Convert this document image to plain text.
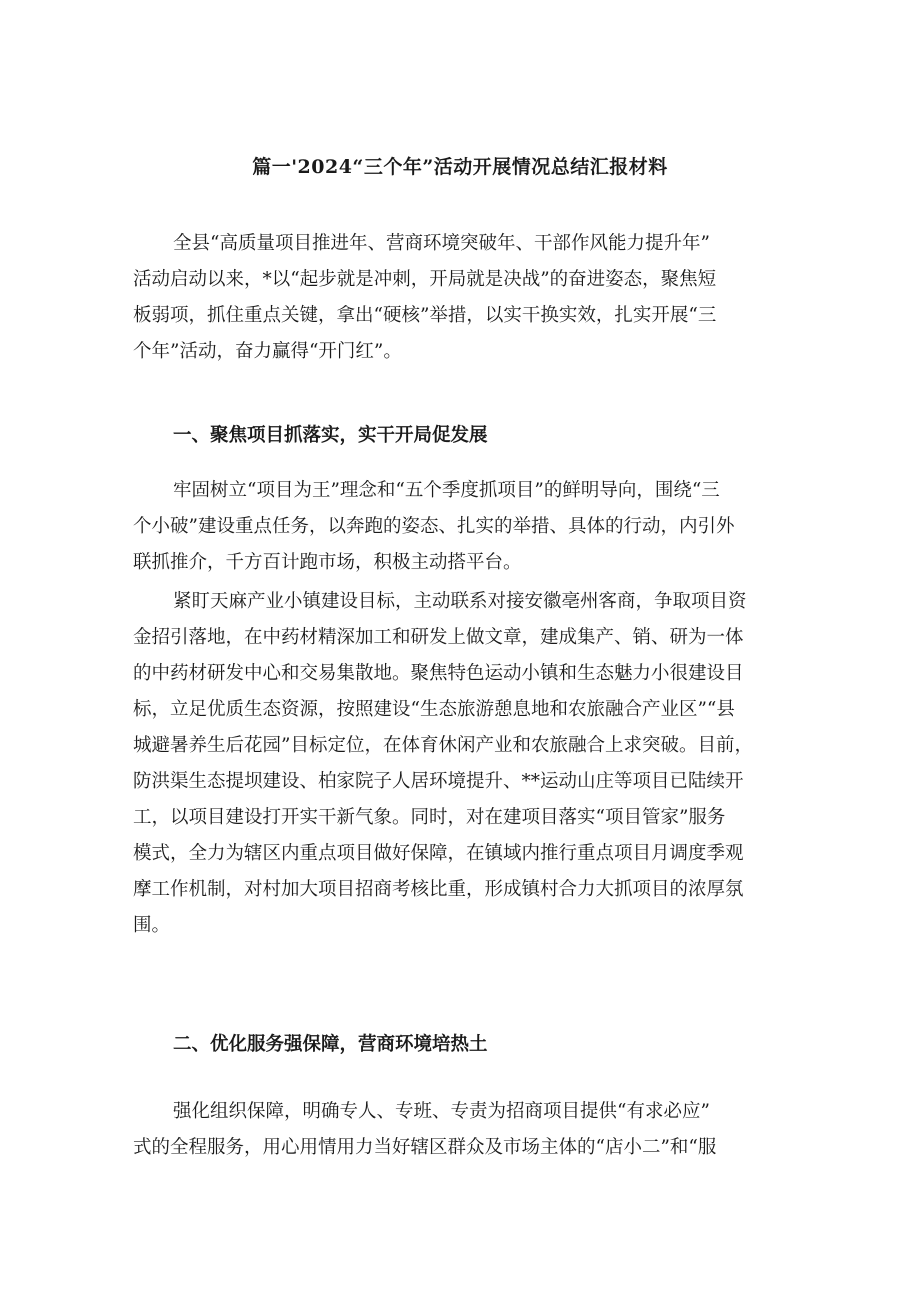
篇一'2024“三个年”活动开展情况总结汇报材料
全县“高质量项目推进年、营商环境突破年、干部作风能力提升年”
活动启动以来，*以“起步就是冲刺，开局就是决战”的奋进姿态，聚焦短
板弱项，抓住重点关键，拿出“硬核”举措，以实干换实效，扎实开展“三
个年”活动，奋力赢得“开门红”。
一、聚焦项目抓落实，实干开局促发展
牢固树立“项目为王”理念和“五个季度抓项目”的鲜明导向，围绕“三
个小破”建设重点任务，以奔跑的姿态、扎实的举措、具体的行动，内引外
联抓推介，千方百计跑市场，积极主动搭平台。
紧盯天麻产业小镇建设目标，主动联系对接安徽亳州客商，争取项目资
金招引落地，在中药材精深加工和研发上做文章，建成集产、销、研为一体
的中药材研发中心和交易集散地。聚焦特色运动小镇和生态魅力小很建设目
标，立足优质生态资源，按照建设“生态旅游憩息地和农旅融合产业区”“县
城避暑养生后花园”目标定位，在体育休闲产业和农旅融合上求突破。目前，
防洪渠生态提坝建设、柏家院子人居环境提升、**运动山庄等项目已陆续开
工，以项目建设打开实干新气象。同时，对在建项目落实“项目管家”服务
模式，全力为辖区内重点项目做好保障，在镇域内推行重点项目月调度季观
摩工作机制，对村加大项目招商考核比重，形成镇村合力大抓项目的浓厚氛
围。
二、优化服务强保障，营商环境培热土
强化组织保障，明确专人、专班、专责为招商项目提供“有求必应”
式的全程服务，用心用情用力当好辖区群众及市场主体的“店小二”和“服
